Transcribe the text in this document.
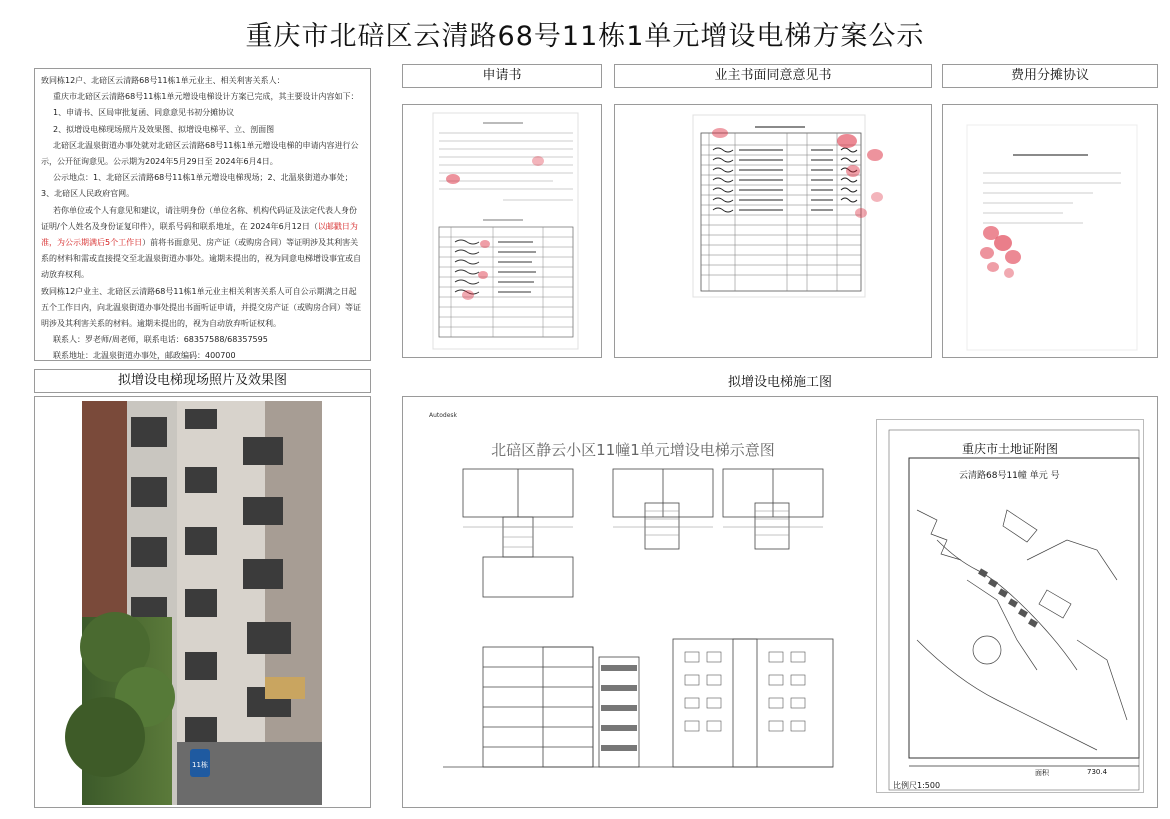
重庆市北碚区云清路68号11栋1单元增设电梯方案公示

致同栋12户、北碚区云清路68号11栋1单元业主、相关利害关系人：

重庆市北碚区云清路68号11栋1单元增设电梯设计方案已完成，其主要设计内容如下：

1、申请书、区局审批复函、同意意见书初分摊协议

2、拟增设电梯现场照片及效果图、拟增设电梯平、立、剖面图

北碚区北温泉街道办事处就对北碚区云清路68号11栋1单元增设电梯的申请内容进行公示，公开征询意见。公示期为2024年5月29日至 2024年6月4日。

公示地点：1、北碚区云清路68号11栋1单元增设电梯现场；2、北温泉街道办事处；3、北碚区人民政府官网。

若你单位或个人有意见和建议，请注明身份（单位名称、机构代码证及法定代表人身份证明/个人姓名及身份证复印件），联系号码和联系地址，在 2024年6月12日（以邮戳日为准，为公示期满后5个工作日）前将书面意见、房产证（或购房合同）等证明涉及其利害关系的材料和需或直接提交至北温泉街道办事处。逾期未提出的，视为同意电梯增设事宜或自动放弃权利。

致同栋12户业主、北碚区云清路68号11栋1单元业主相关利害关系人可自公示期满之日起五个工作日内，向北温泉街道办事处提出书面听证申请，并提交房产证（或购房合同）等证明涉及其利害关系的材料。逾期未提出的，视为自动放弃听证权利。

联系人：罗老师/周老师，联系电话：68357588/68357595

联系地址：北温泉街道办事处，邮政编码：400700

申请书	业主书面同意意见书	费用分摊协议
拟增设电梯现场照片及效果图	拟增设电梯施工图
11栋
Autodesk
北碚区静云小区11幢1单元增设电梯示意图	重庆市土地证附图
云清路68号11幢 单元 号
面积	730.4
比例尺1:500
